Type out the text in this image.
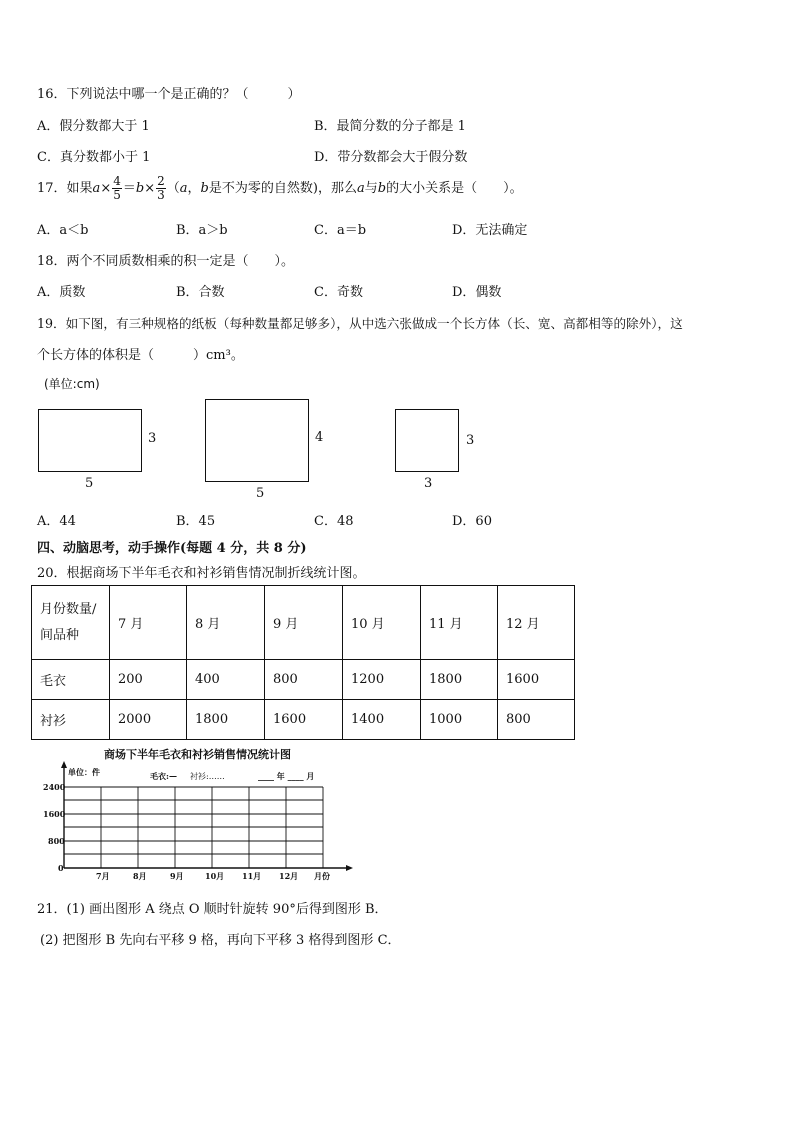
16．下列说法中哪一个是正确的？（　　　）
A．假分数都大于 1	B．最简分数的分子都是 1
C．真分数都小于 1	D．带分数都会大于假分数
17．如果$a\times \frac{4}{5} =b\times \frac{2}{3} (a$，b是不为零的自然数)，那么a与b的大小关系是（　　）。
A．a＜b	B．a＞b	C．a＝b	D．无法确定
18．两个不同质数相乘的积一定是（　　）。
A．质数	B．合数	C．奇数	D．偶数
19．如下图，有三种规格的纸板（每种数量都足够多），从中选六张做成一个长方体（长、宽、高都相等的除外），这
个长方体的体积是（　　　）cm³。
(单位:cm)
3
5
4
5
3
3
A．44	B．45	C．48	D．60
四、动脑思考，动手操作(每题 4 分，共 8 分)
20．根据商场下半年毛衣和衬衫销售情况制折线统计图。
月份数量/
间品种	7 月	8 月	9 月	10 月	11 月	12 月
毛衣	200	400	800	1200	1800	1600
衬衫	2000	1800	1600	1400	1000	800
商场下半年毛衣和衬衫销售情况统计图
单位：件	毛衣:— 衬衫:……	____ 年 ____ 月
2400
1600
800
0
7月	8月	9月	10月 11月 12月 月份
21．(1) 画出图形 A 绕点 O 顺时针旋转 90°后得到图形 B．
(2) 把图形 B 先向右平移 9 格，再向下平移 3 格得到图形 C．
